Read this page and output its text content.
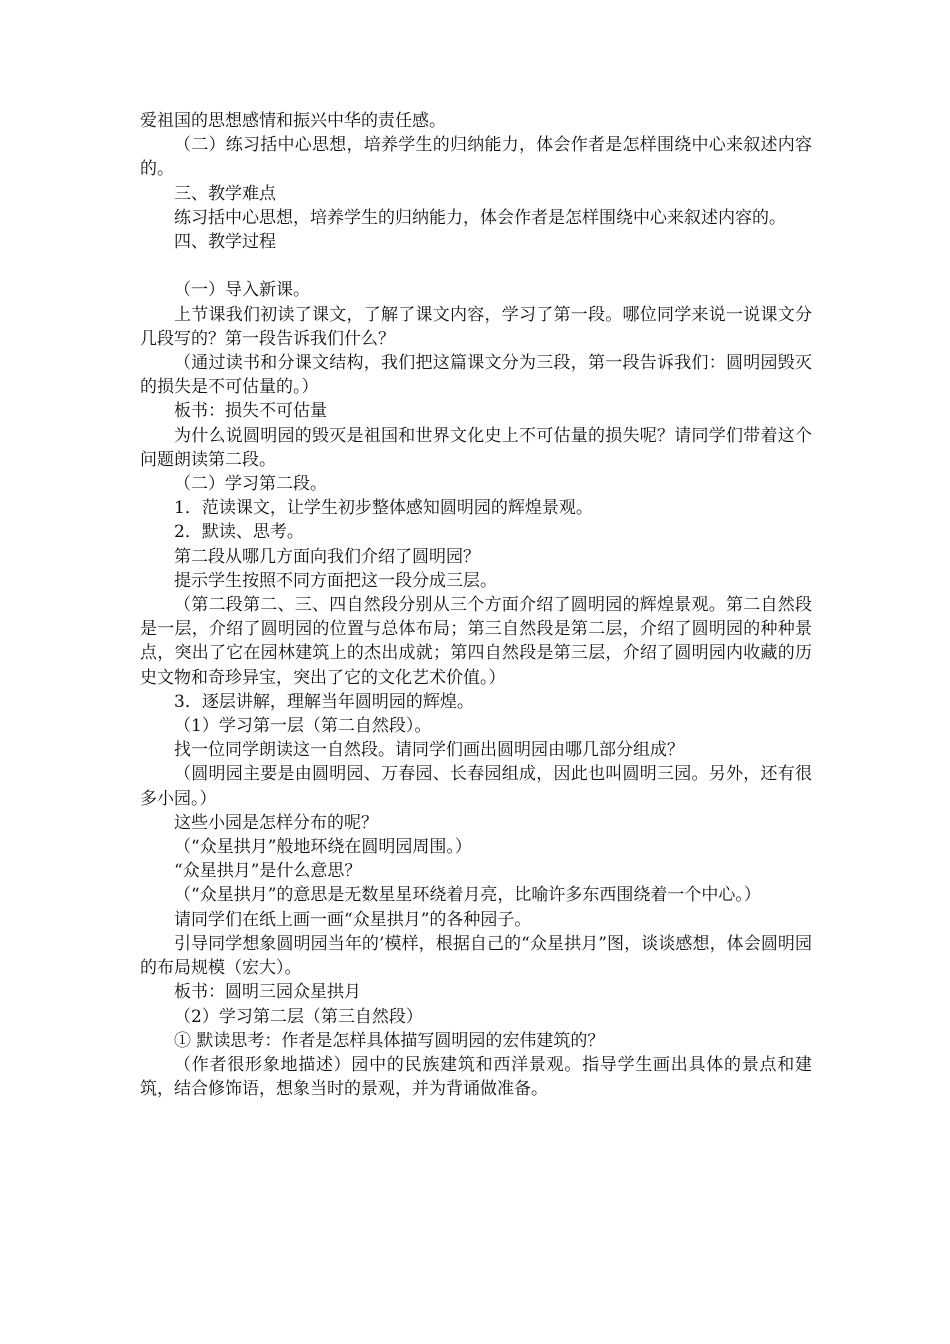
爱祖国的思想感情和振兴中华的责任感。

（二）练习括中心思想，培养学生的归纳能力，体会作者是怎样围绕中心来叙述内容的。

三、教学难点

练习括中心思想，培养学生的归纳能力，体会作者是怎样围绕中心来叙述内容的。

四、教学过程

（一）导入新课。

上节课我们初读了课文，了解了课文内容，学习了第一段。哪位同学来说一说课文分几段写的？第一段告诉我们什么？

（通过读书和分课文结构，我们把这篇课文分为三段，第一段告诉我们：圆明园毁灭的损失是不可估量的。）

板书：损失不可估量

为什么说圆明园的毁灭是祖国和世界文化史上不可估量的损失呢？请同学们带着这个问题朗读第二段。

（二）学习第二段。

1．范读课文，让学生初步整体感知圆明园的辉煌景观。

2．默读、思考。

第二段从哪几方面向我们介绍了圆明园？

提示学生按照不同方面把这一段分成三层。

（第二段第二、三、四自然段分别从三个方面介绍了圆明园的辉煌景观。第二自然段是一层，介绍了圆明园的位置与总体布局；第三自然段是第二层，介绍了圆明园的种种景点，突出了它在园林建筑上的杰出成就；第四自然段是第三层，介绍了圆明园内收藏的历史文物和奇珍异宝，突出了它的文化艺术价值。）

3．逐层讲解，理解当年圆明园的辉煌。

（1）学习第一层（第二自然段）。

找一位同学朗读这一自然段。请同学们画出圆明园由哪几部分组成？

（圆明园主要是由圆明园、万春园、长春园组成，因此也叫圆明三园。另外，还有很多小园。）

这些小园是怎样分布的呢？

（“众星拱月”般地环绕在圆明园周围。）

“众星拱月”是什么意思？

（“众星拱月”的意思是无数星星环绕着月亮，比喻许多东西围绕着一个中心。）

请同学们在纸上画一画“众星拱月”的各种园子。

引导同学想象圆明园当年的’模样，根据自己的“众星拱月”图，谈谈感想，体会圆明园的布局规模（宏大）。

板书：圆明三园众星拱月

（2）学习第二层（第三自然段）

① 默读思考：作者是怎样具体描写圆明园的宏伟建筑的？

（作者很形象地描述）园中的民族建筑和西洋景观。指导学生画出具体的景点和建筑，结合修饰语，想象当时的景观，并为背诵做准备。
